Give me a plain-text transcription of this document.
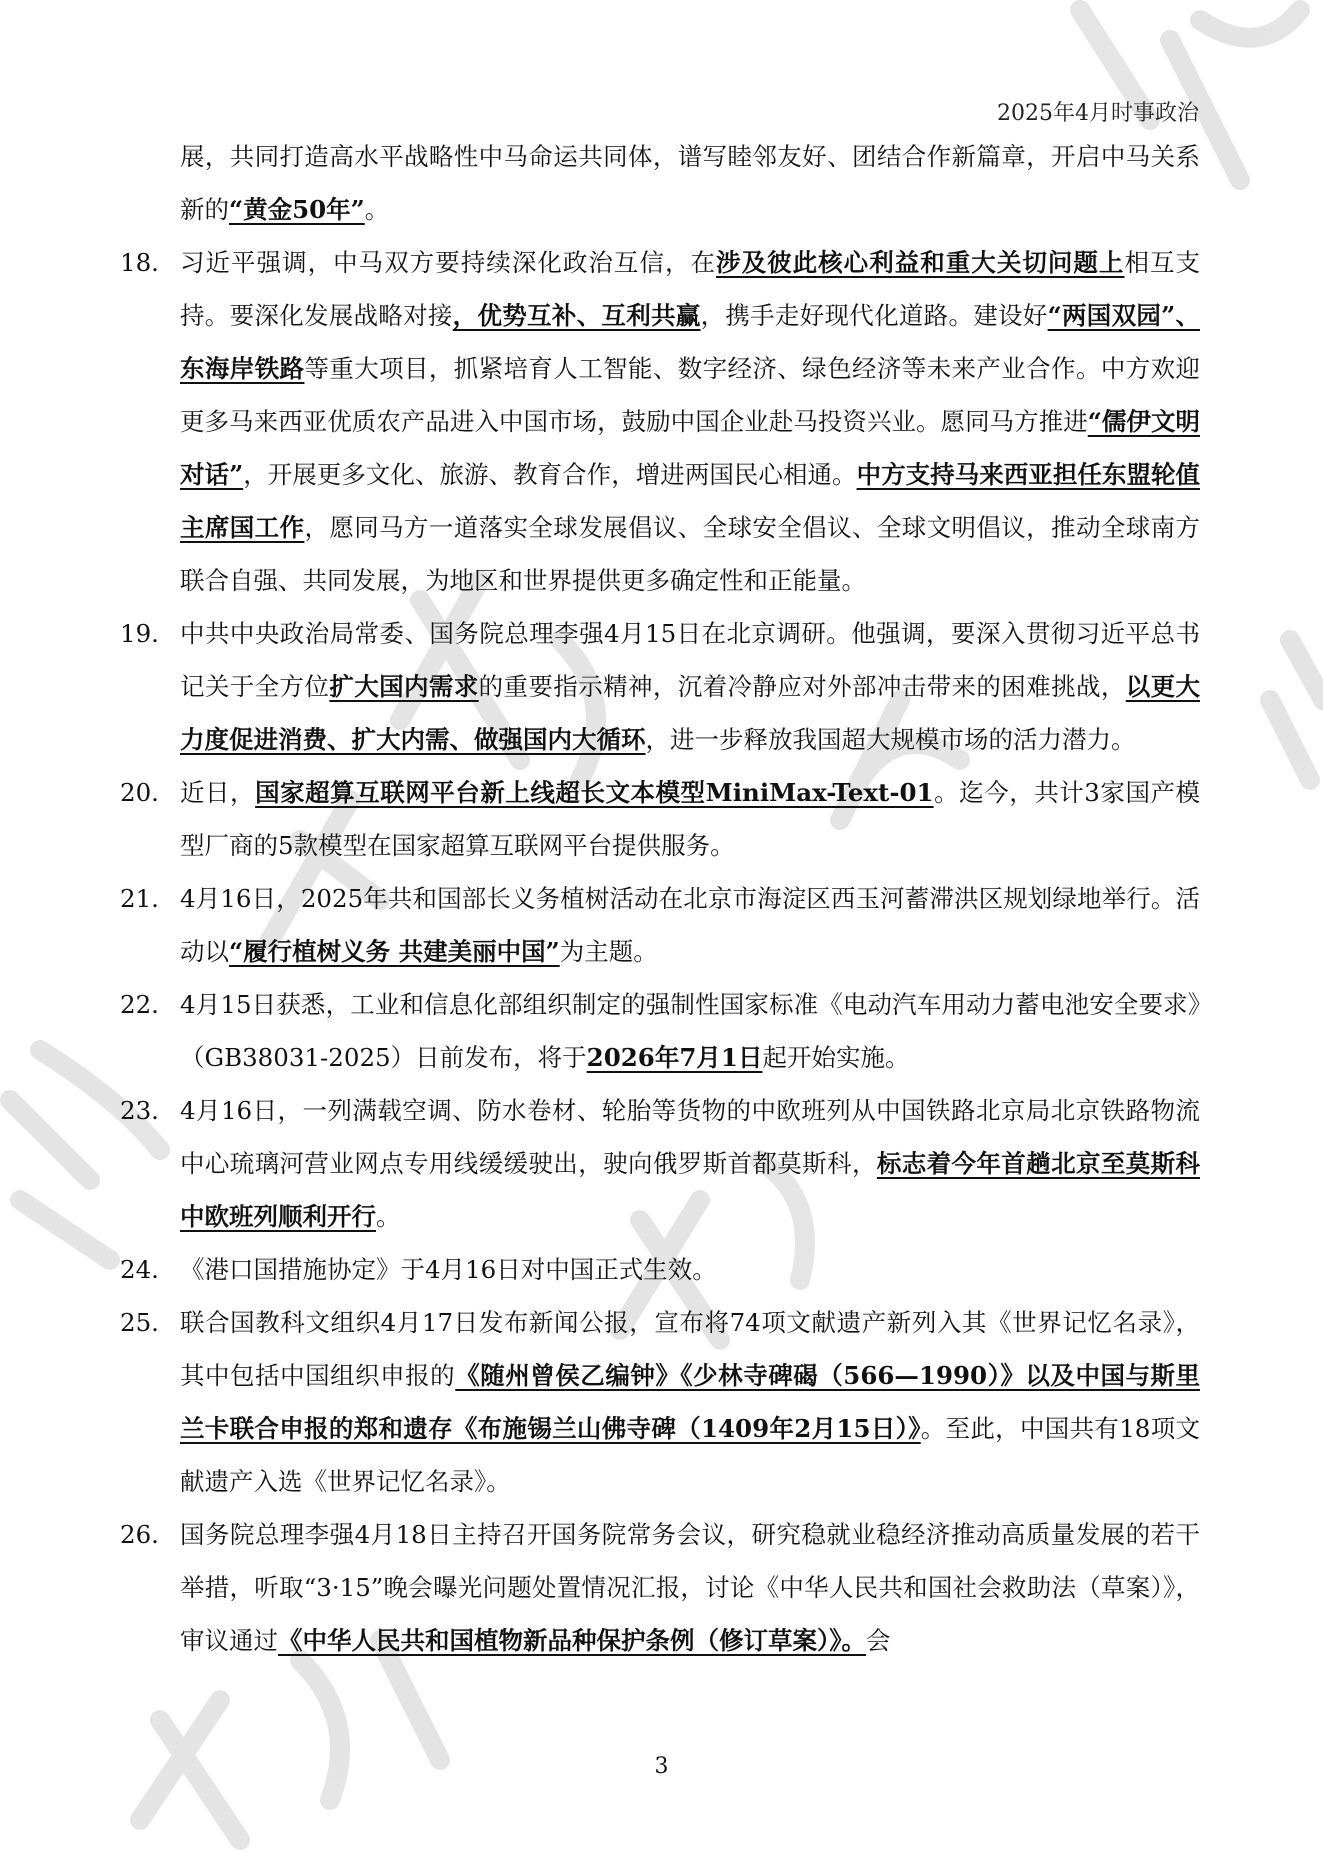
2025年4月时事政治
展，共同打造高水平战略性中马命运共同体，谱写睦邻友好、团结合作新篇章，开启中马关系新的“黄金50年”。
18. 习近平强调，中马双方要持续深化政治互信，在涉及彼此核心利益和重大关切问题上相互支持。要深化发展战略对接，优势互补、互利共赢，携手走好现代化道路。建设好“两国双园”、东海岸铁路等重大项目，抓紧培育人工智能、数字经济、绿色经济等未来产业合作。中方欢迎更多马来西亚优质农产品进入中国市场，鼓励中国企业赴马投资兴业。愿同马方推进“儒伊文明对话”，开展更多文化、旅游、教育合作，增进两国民心相通。中方支持马来西亚担任东盟轮值主席国工作，愿同马方一道落实全球发展倡议、全球安全倡议、全球文明倡议，推动全球南方联合自强、共同发展，为地区和世界提供更多确定性和正能量。
19. 中共中央政治局常委、国务院总理李强4月15日在北京调研。他强调，要深入贯彻习近平总书记关于全方位扩大国内需求的重要指示精神，沉着冷静应对外部冲击带来的困难挑战，以更大力度促进消费、扩大内需、做强国内大循环，进一步释放我国超大规模市场的活力潜力。
20. 近日，国家超算互联网平台新上线超长文本模型MiniMax-Text-01。迄今，共计3家国产模型厂商的5款模型在国家超算互联网平台提供服务。
21. 4月16日，2025年共和国部长义务植树活动在北京市海淀区西玉河蓄滞洪区规划绿地举行。活动以“履行植树义务 共建美丽中国”为主题。
22. 4月15日获悉，工业和信息化部组织制定的强制性国家标准《电动汽车用动力蓄电池安全要求》（GB38031-2025）日前发布，将于2026年7月1日起开始实施。
23. 4月16日，一列满载空调、防水卷材、轮胎等货物的中欧班列从中国铁路北京局北京铁路物流中心琉璃河营业网点专用线缓缓驶出，驶向俄罗斯首都莫斯科，标志着今年首趟北京至莫斯科中欧班列顺利开行。
24. 《港口国措施协定》于4月16日对中国正式生效。
25. 联合国教科文组织4月17日发布新闻公报，宣布将74项文献遗产新列入其《世界记忆名录》，其中包括中国组织申报的《随州曾侯乙编钟》《少林寺碑碣（566—1990）》以及中国与斯里兰卡联合申报的郑和遗存《布施锡兰山佛寺碑（1409年2月15日）》。至此，中国共有18项文献遗产入选《世界记忆名录》。
26. 国务院总理李强4月18日主持召开国务院常务会议，研究稳就业稳经济推动高质量发展的若干举措，听取“3·15”晚会曝光问题处置情况汇报，讨论《中华人民共和国社会救助法（草案）》，审议通过《中华人民共和国植物新品种保护条例（修订草案）》。会
3
